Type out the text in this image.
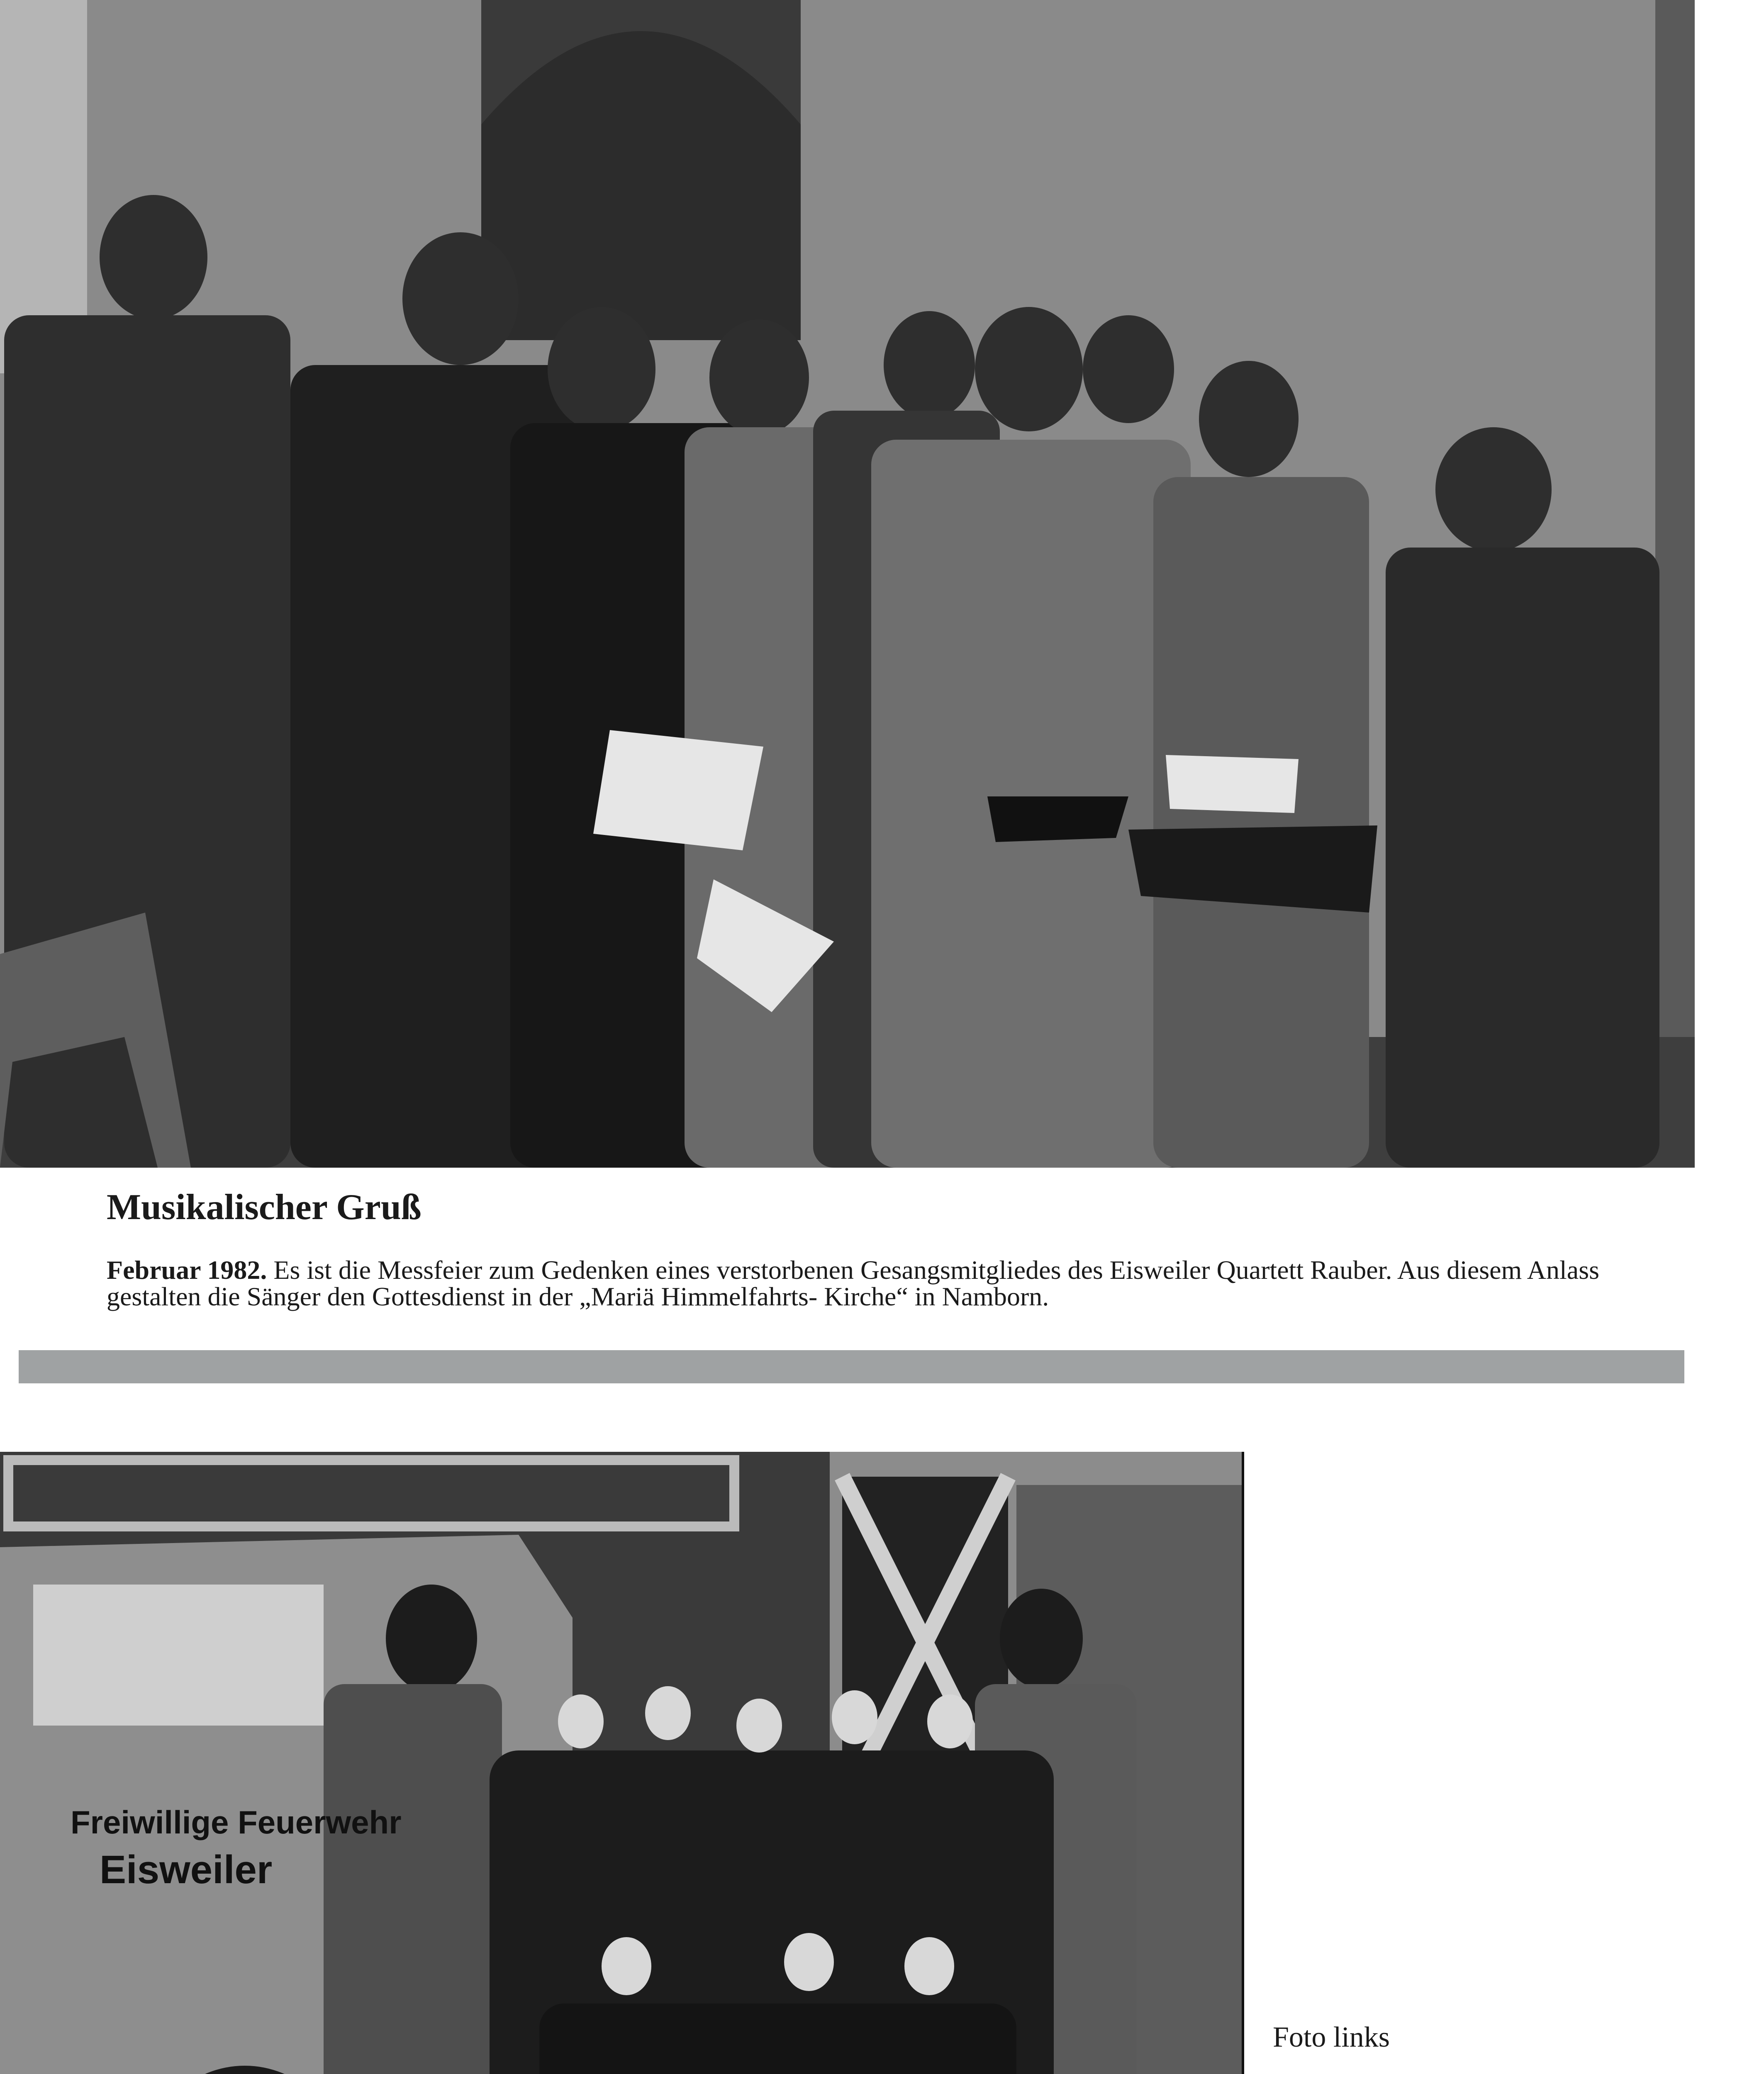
Musikalischer Gruß

Februar 1982. Es ist die Messfeier zum Gedenken eines verstorbenen Gesangsmitgliedes des Eisweiler Quartett Rauber. Aus diesem Anlass gestalten die Sänger den Gottesdienst in der „Mariä Himmelfahrts- Kirche“ in Namborn.

Freiwillige Feuerwehr
Eisweiler

Foto links
